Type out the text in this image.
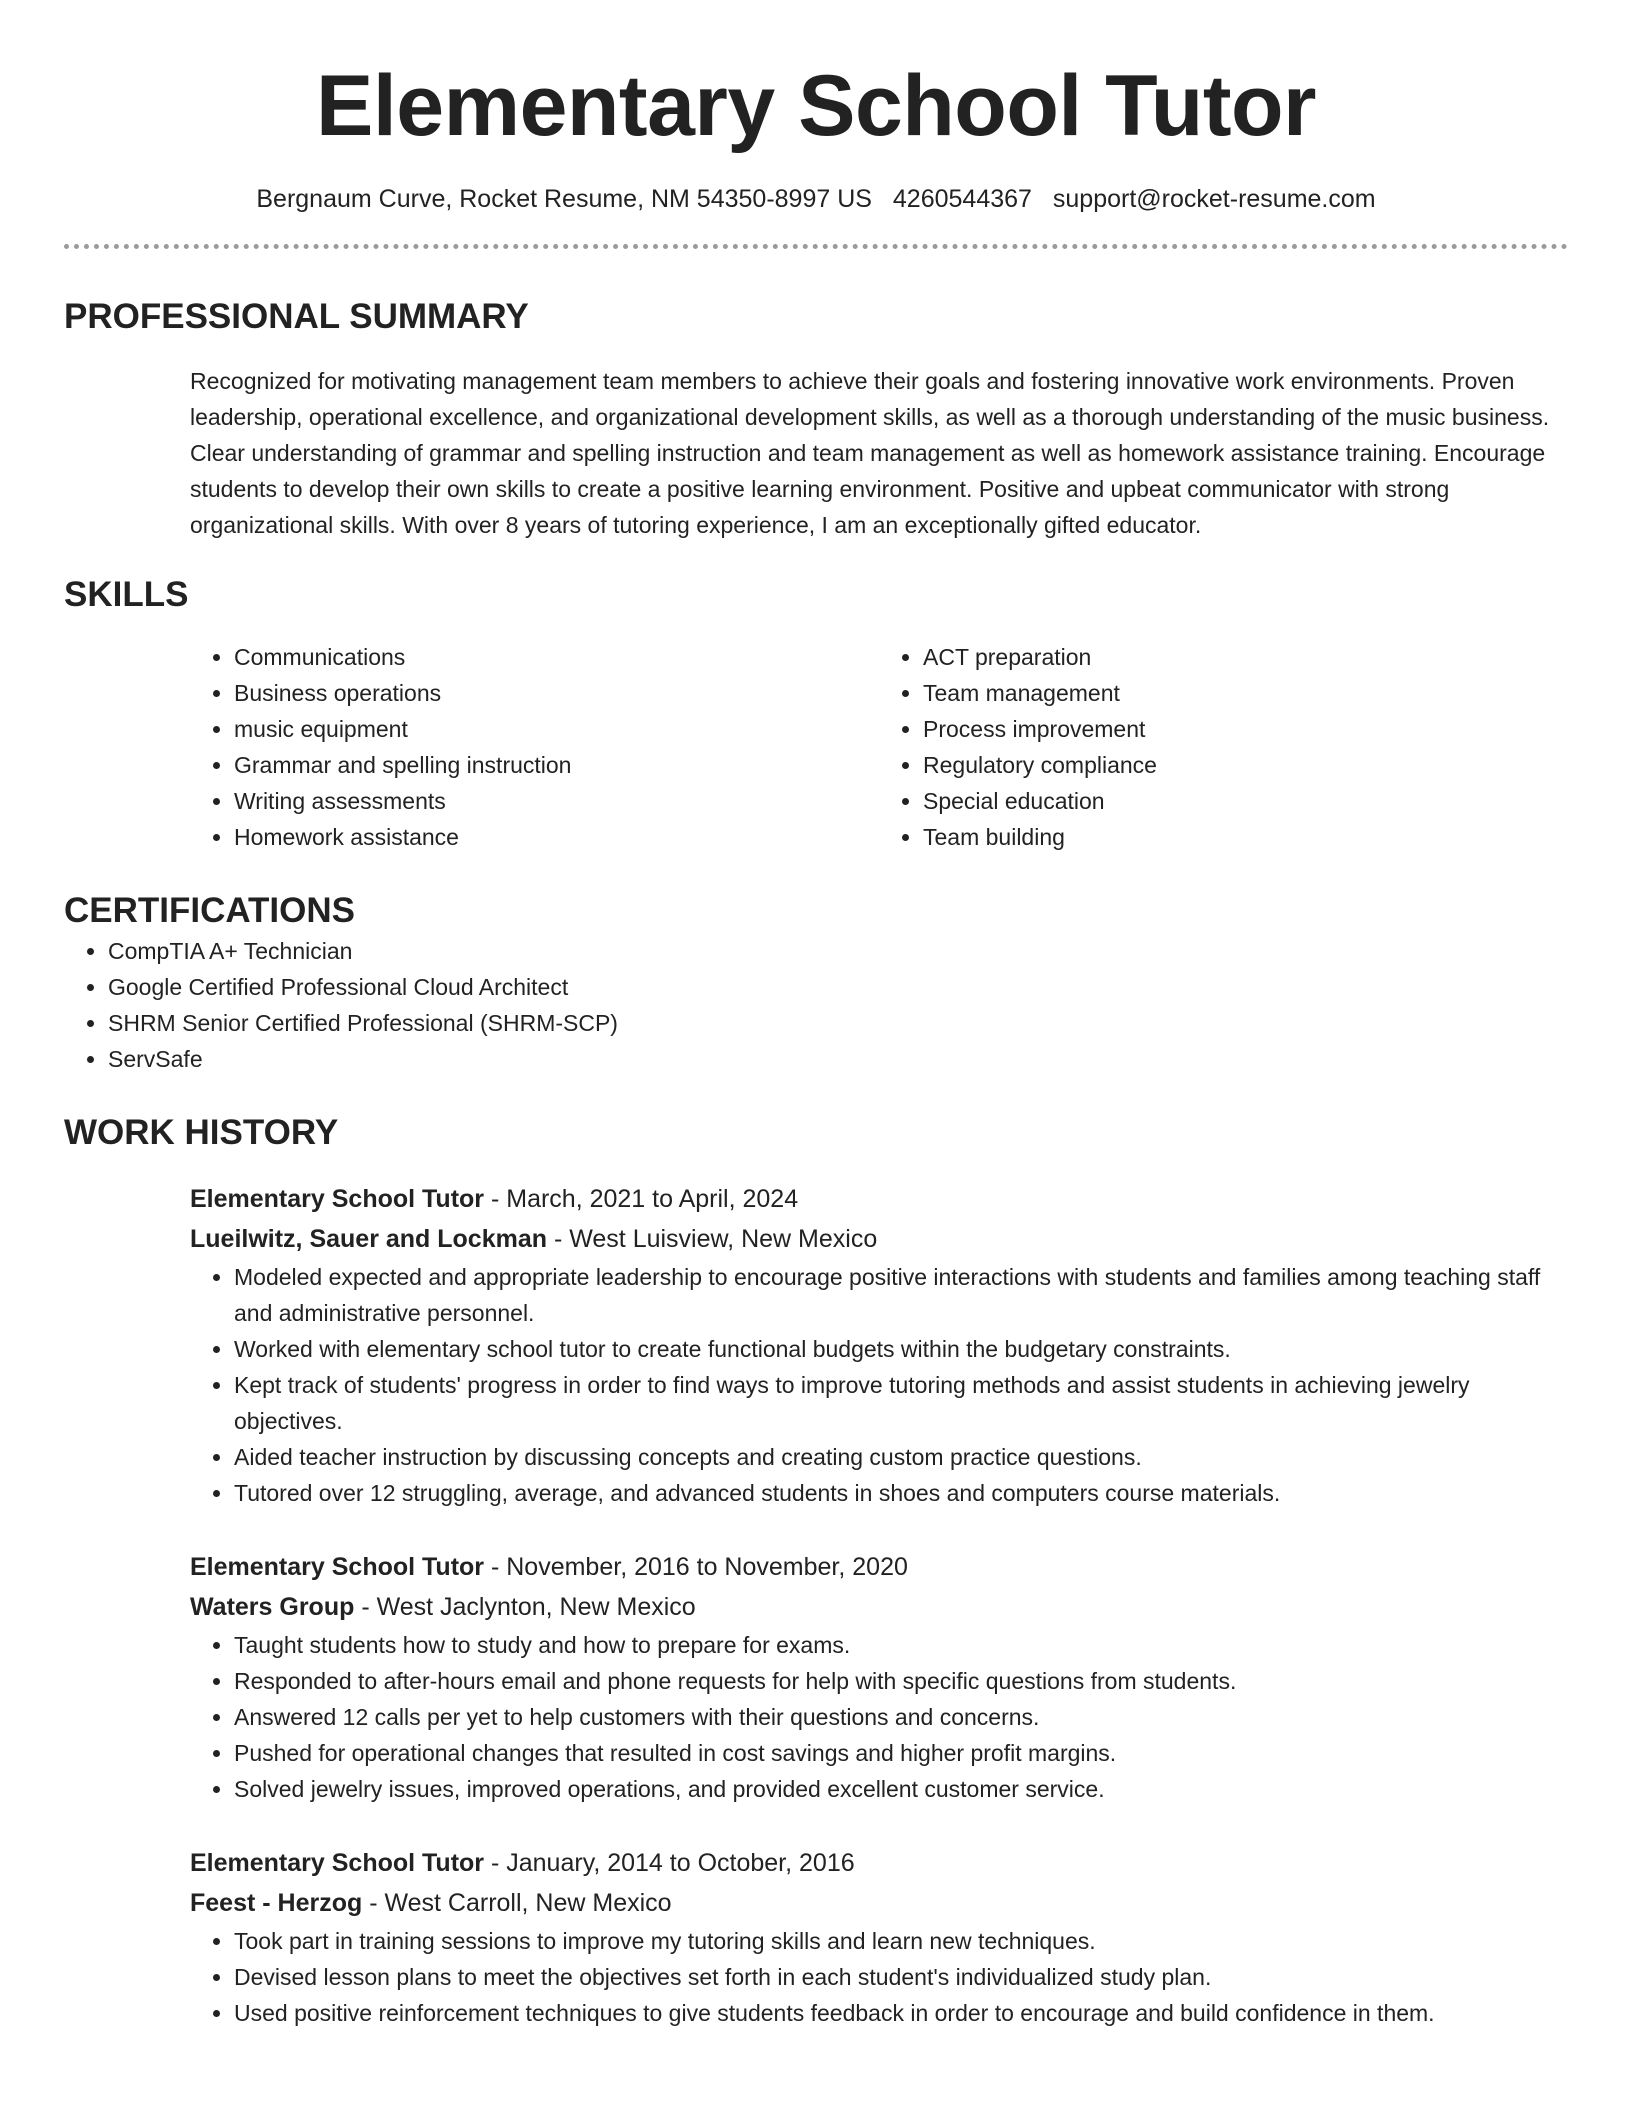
Elementary School Tutor
Bergnaum Curve, Rocket Resume, NM 54350-8997 US 4260544367 support@rocket-resume.com
PROFESSIONAL SUMMARY

Recognized for motivating management team members to achieve their goals and fostering innovative work environments. Proven leadership, operational excellence, and organizational development skills, as well as a thorough understanding of the music business. Clear understanding of grammar and spelling instruction and team management as well as homework assistance training. Encourage students to develop their own skills to create a positive learning environment. Positive and upbeat communicator with strong organizational skills. With over 8 years of tutoring experience, I am an exceptionally gifted educator.

SKILLS
• Communications
• Business operations
• music equipment
• Grammar and spelling instruction
• Writing assessments
• Homework assistance
• ACT preparation
• Team management
• Process improvement
• Regulatory compliance
• Special education
• Team building
CERTIFICATIONS
• CompTIA A+ Technician
• Google Certified Professional Cloud Architect
• SHRM Senior Certified Professional (SHRM-SCP)
• ServSafe
WORK HISTORY
Elementary School Tutor - March, 2021 to April, 2024
Lueilwitz, Sauer and Lockman - West Luisview, New Mexico
• Modeled expected and appropriate leadership to encourage positive interactions with students and families among teaching staff and administrative personnel.
• Worked with elementary school tutor to create functional budgets within the budgetary constraints.
• Kept track of students' progress in order to find ways to improve tutoring methods and assist students in achieving jewelry objectives.
• Aided teacher instruction by discussing concepts and creating custom practice questions.
• Tutored over 12 struggling, average, and advanced students in shoes and computers course materials.
Elementary School Tutor - November, 2016 to November, 2020
Waters Group - West Jaclynton, New Mexico
• Taught students how to study and how to prepare for exams.
• Responded to after-hours email and phone requests for help with specific questions from students.
• Answered 12 calls per yet to help customers with their questions and concerns.
• Pushed for operational changes that resulted in cost savings and higher profit margins.
• Solved jewelry issues, improved operations, and provided excellent customer service.
Elementary School Tutor - January, 2014 to October, 2016
Feest - Herzog - West Carroll, New Mexico
• Took part in training sessions to improve my tutoring skills and learn new techniques.
• Devised lesson plans to meet the objectives set forth in each student's individualized study plan.
• Used positive reinforcement techniques to give students feedback in order to encourage and build confidence in them.
